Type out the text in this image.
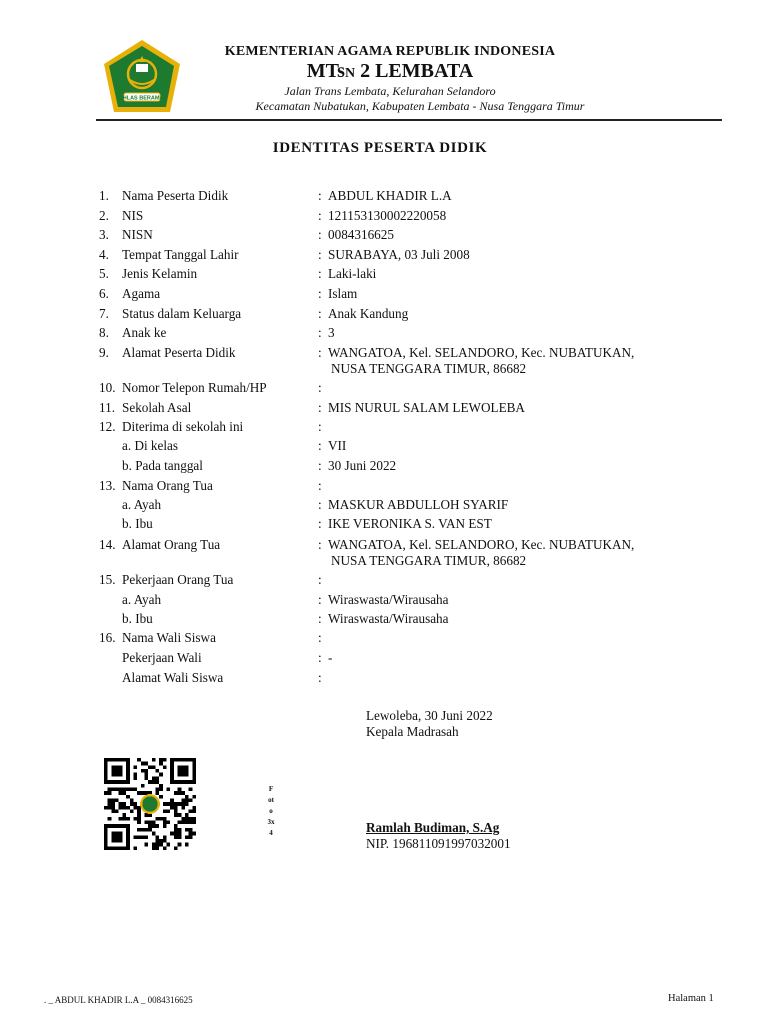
IKHLAS BERAMAL
KEMENTERIAN AGAMA REPUBLIK INDONESIA
MTsN 2 LEMBATA
Jalan Trans Lembata, Kelurahan Selandoro
Kecamatan Nubatukan, Kabupaten Lembata - Nusa Tenggara Timur
IDENTITAS PESERTA DIDIK
1. Nama Peserta Didik	: ABDUL KHADIR L.A
2. NIS	: 121153130002220058
3. NISN	: 0084316625
4. Tempat Tanggal Lahir	: SURABAYA, 03 Juli 2008
5. Jenis Kelamin	: Laki-laki
6. Agama	: Islam
7. Status dalam Keluarga	: Anak Kandung
8. Anak ke	: 3
9. Alamat Peserta Didik	: WANGATOA, Kel. SELANDORO, Kec. NUBATUKAN,
NUSA TENGGARA TIMUR, 86682
10. Nomor Telepon Rumah/HP	:
11. Sekolah Asal	: MIS NURUL SALAM LEWOLEBA
12. Diterima di sekolah ini	:
a. Di kelas	: VII
b. Pada tanggal	: 30 Juni 2022
13. Nama Orang Tua	:
a. Ayah	: MASKUR ABDULLOH SYARIF
b. Ibu	: IKE VERONIKA S. VAN EST
14. Alamat Orang Tua	: WANGATOA, Kel. SELANDORO, Kec. NUBATUKAN,
NUSA TENGGARA TIMUR, 86682
15. Pekerjaan Orang Tua	:
a. Ayah	: Wiraswasta/Wirausaha
b. Ibu	: Wiraswasta/Wirausaha
16. Nama Wali Siswa	:
Pekerjaan Wali	: -
Alamat Wali Siswa	:
Lewoleba, 30 Juni 2022
Kepala Madrasah
Ramlah Budiman, S.Ag
NIP. 196811091997032001
F
ot
o
3x
4
. _ ABDUL KHADIR L.A _ 0084316625	Halaman 1
